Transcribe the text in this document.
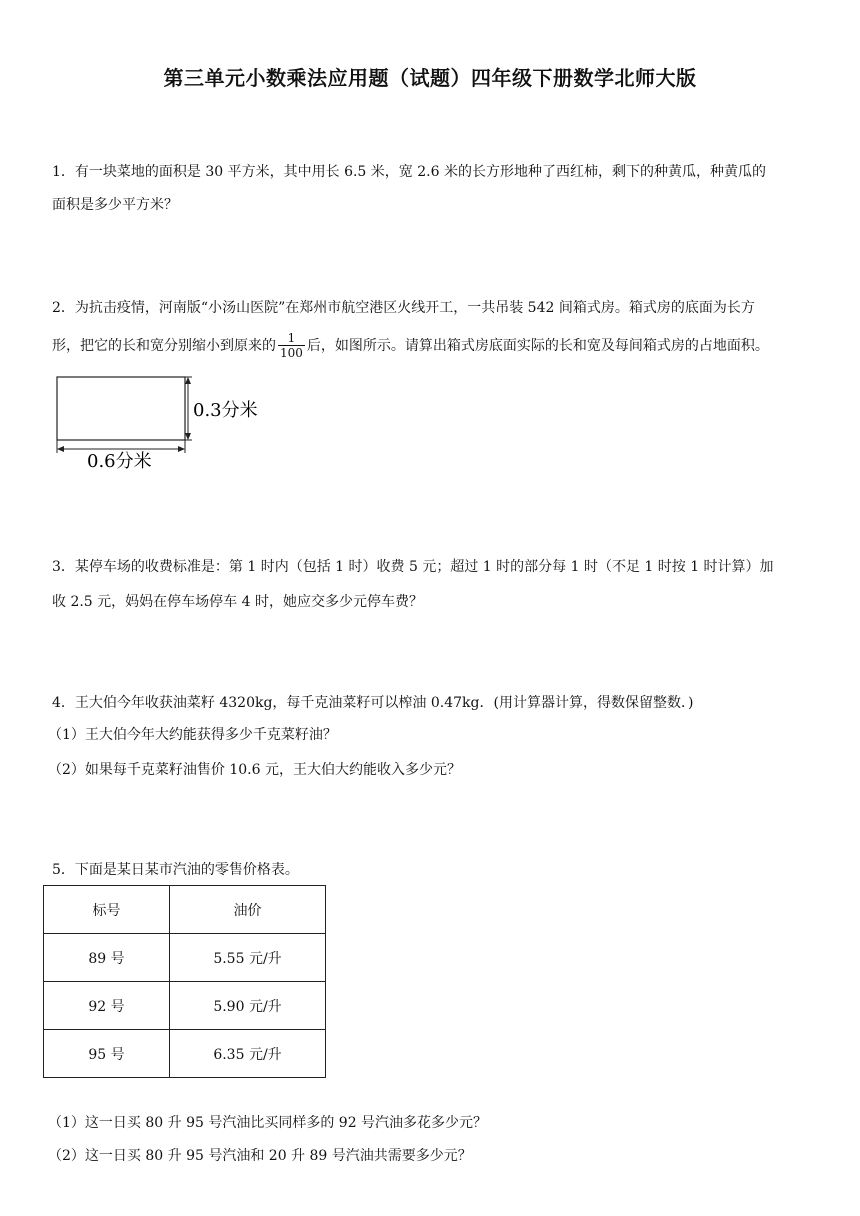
第三单元小数乘法应用题（试题）四年级下册数学北师大版
1．有一块菜地的面积是 30 平方米，其中用长 6.5 米，宽 2.6 米的长方形地种了西红柿，剩下的种黄瓜，种黄瓜的
面积是多少平方米？
2．为抗击疫情，河南版“小汤山医院”在郑州市航空港区火线开工，一共吊装 542 间箱式房。箱式房的底面为长方
形，把它的长和宽分别缩小到原来的 $\frac{1}{100}$ 后，如图所示。请算出箱式房底面实际的长和宽及每间箱式房的占地面积。
0.3分米
0.6分米
3．某停车场的收费标准是：第 1 时内（包括 1 时）收费 5 元；超过 1 时的部分每 1 时（不足 1 时按 1 时计算）加
收 2.5 元，妈妈在停车场停车 4 时，她应交多少元停车费？
4．王大伯今年收获油菜籽 4320kg，每千克油菜籽可以榨油 0.47kg．(用计算器计算，得数保留整数．)
（1）王大伯今年大约能获得多少千克菜籽油？
（2）如果每千克菜籽油售价 10.6 元，王大伯大约能收入多少元？
5．下面是某日某市汽油的零售价格表。
标号	油价
89 号	5.55 元/升
92 号	5.90 元/升
95 号	6.35 元/升
（1）这一日买 80 升 95 号汽油比买同样多的 92 号汽油多花多少元？
（2）这一日买 80 升 95 号汽油和 20 升 89 号汽油共需要多少元？
